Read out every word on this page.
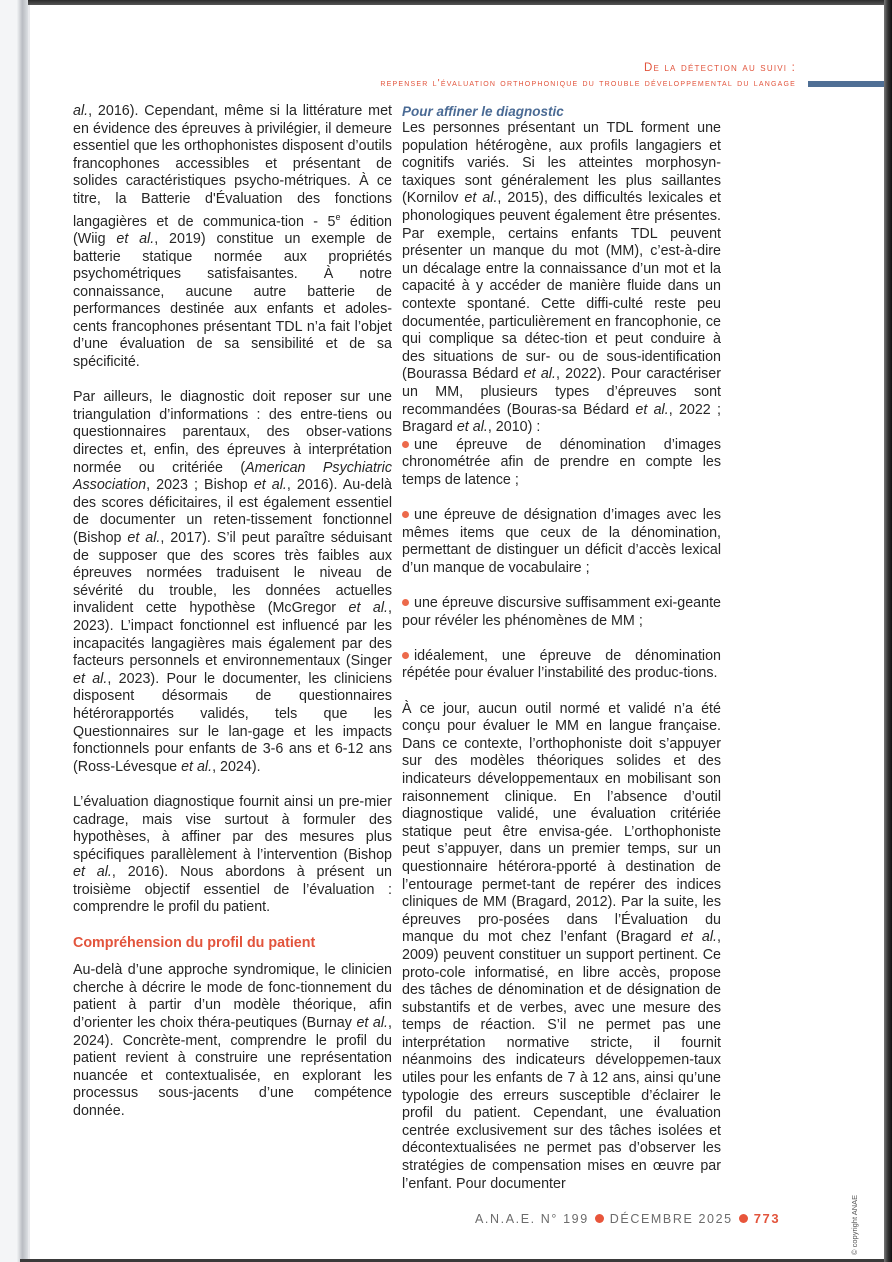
De la détection au suivi :
repenser l'évaluation orthophonique du trouble développemental du langage

al., 2016). Cependant, même si la littérature met en évidence des épreuves à privilégier, il demeure essentiel que les orthophonistes disposent d’outils francophones accessibles et présentant de solides caractéristiques psycho-métriques. À ce titre, la Batterie d'Évaluation des fonctions langagières et de communica-tion - 5e édition (Wiig et al., 2019) constitue un exemple de batterie statique normée aux propriétés psychométriques satisfaisantes. À notre connaissance, aucune autre batterie de performances destinée aux enfants et adoles-cents francophones présentant TDL n’a fait l’objet d’une évaluation de sa sensibilité et de sa spécificité.

Par ailleurs, le diagnostic doit reposer sur une triangulation d’informations : des entre-tiens ou questionnaires parentaux, des obser-vations directes et, enfin, des épreuves à interprétation normée ou critériée (American Psychiatric Association, 2023 ; Bishop et al., 2016). Au-delà des scores déficitaires, il est également essentiel de documenter un reten-tissement fonctionnel (Bishop et al., 2017). S’il peut paraître séduisant de supposer que des scores très faibles aux épreuves normées traduisent le niveau de sévérité du trouble, les données actuelles invalident cette hypothèse (McGregor et al., 2023). L’impact fonctionnel est influencé par les incapacités langagières mais également par des facteurs personnels et environnementaux (Singer et al., 2023). Pour le documenter, les cliniciens disposent désormais de questionnaires hétérorapportés validés, tels que les Questionnaires sur le lan-gage et les impacts fonctionnels pour enfants de 3-6 ans et 6-12 ans (Ross-Lévesque et al., 2024).

L’évaluation diagnostique fournit ainsi un pre-mier cadrage, mais vise surtout à formuler des hypothèses, à affiner par des mesures plus spécifiques parallèlement à l’intervention (Bishop et al., 2016). Nous abordons à présent un troisième objectif essentiel de l’évaluation : comprendre le profil du patient.

Compréhension du profil du patient

Au-delà d’une approche syndromique, le clinicien cherche à décrire le mode de fonc-tionnement du patient à partir d’un modèle théorique, afin d’orienter les choix théra-peutiques (Burnay et al., 2024). Concrète-ment, comprendre le profil du patient revient à construire une représentation nuancée et contextualisée, en explorant les processus sous-jacents d’une compétence donnée.

Pour affiner le diagnostic

Les personnes présentant un TDL forment une population hétérogène, aux profils langagiers et cognitifs variés. Si les atteintes morphosyn-taxiques sont généralement les plus saillantes (Kornilov et al., 2015), des difficultés lexicales et phonologiques peuvent également être présentes. Par exemple, certains enfants TDL peuvent présenter un manque du mot (MM), c’est-à-dire un décalage entre la connaissance d’un mot et la capacité à y accéder de manière fluide dans un contexte spontané. Cette diffi-culté reste peu documentée, particulièrement en francophonie, ce qui complique sa détec-tion et peut conduire à des situations de sur- ou de sous-identification (Bourassa Bédard et al., 2022). Pour caractériser un MM, plusieurs types d’épreuves sont recommandées (Bouras-sa Bédard et al., 2022 ; Bragard et al., 2010) :

une épreuve de dénomination d’images chronométrée afin de prendre en compte les temps de latence ;

une épreuve de désignation d’images avec les mêmes items que ceux de la dénomination, permettant de distinguer un déficit d’accès lexical d’un manque de vocabulaire ;

une épreuve discursive suffisamment exi-geante pour révéler les phénomènes de MM ;

idéalement, une épreuve de dénomination répétée pour évaluer l’instabilité des produc-tions.

À ce jour, aucun outil normé et validé n’a été conçu pour évaluer le MM en langue française. Dans ce contexte, l’orthophoniste doit s’appuyer sur des modèles théoriques solides et des indicateurs développementaux en mobilisant son raisonnement clinique. En l’absence d’outil diagnostique validé, une évaluation critériée statique peut être envisa-gée. L’orthophoniste peut s’appuyer, dans un premier temps, sur un questionnaire hétérora-pporté à destination de l’entourage permet-tant de repérer des indices cliniques de MM (Bragard, 2012). Par la suite, les épreuves pro-posées dans l’Évaluation du manque du mot chez l’enfant (Bragard et al., 2009) peuvent constituer un support pertinent. Ce proto-cole informatisé, en libre accès, propose des tâches de dénomination et de désignation de substantifs et de verbes, avec une mesure des temps de réaction. S’il ne permet pas une interprétation normative stricte, il fournit néanmoins des indicateurs développemen-taux utiles pour les enfants de 7 à 12 ans, ainsi qu’une typologie des erreurs susceptible d’éclairer le profil du patient. Cependant, une évaluation centrée exclusivement sur des tâches isolées et décontextualisées ne permet pas d’observer les stratégies de compensation mises en œuvre par l’enfant. Pour documenter

A.N.A.E. N° 199 DÉCEMBRE 2025 773	© copyright ANAE
